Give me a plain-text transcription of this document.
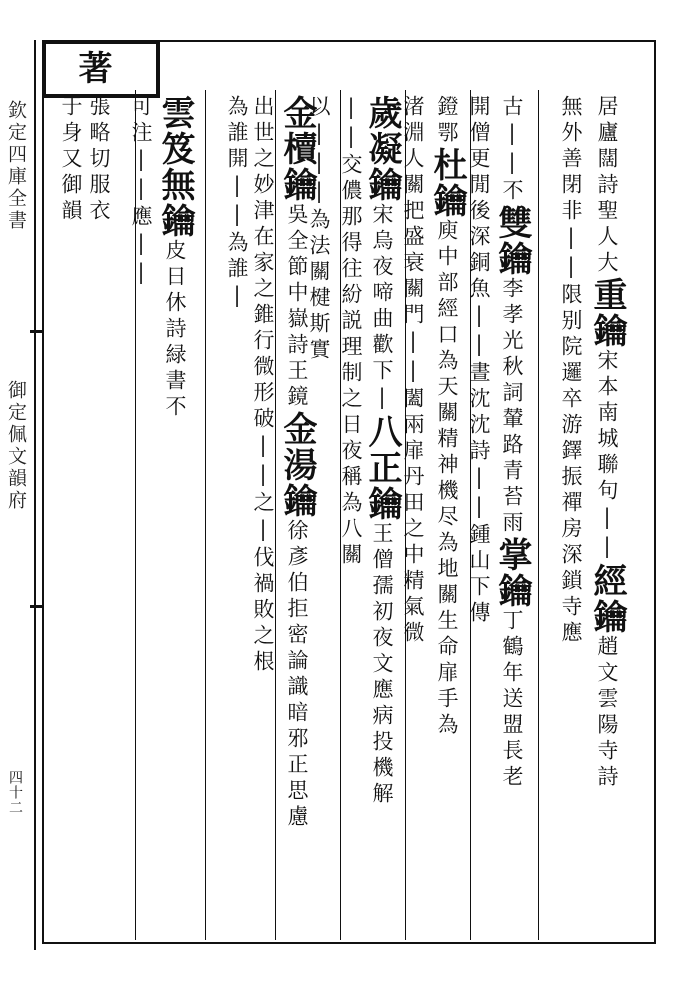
欽定四庫全書
御定佩文韻府
四十二
著
居廬闊詩聖人大重鑰宋本南城聯句||經鑰趙文雲陽寺詩
無外善閉非||限别院邏卒游鐸振禪房深鎖寺應
古||不雙鑰李孝光秋詞輦路青苔雨掌鑰丁鶴年送盟長老
開僧更閒後深銅魚||晝沈沈詩||鍾山下傳
鐙鄂杜鑰庾中部經口為天關精神機尽為地關生命扉手為
渚淵人關把盛衰關門||闔兩扉丹田之中精氣微
歲凝鑰宋烏夜啼曲歡下|八正鑰王僧孺初夜文應病投機解
||交儂那得往紛説理制之日夜稱為八關
以|||為法關楗斯實
金櫝鑰吳全節中嶽詩王鏡金湯鑰徐彥伯拒密論識暗邪正思慮
出世之妙津在家之錐行微形破||之|伐禍敗之根
為誰開||為誰|
雲笈無鑰皮日休詩緑書不
可注||應||
張略切服衣
于身又御韻
